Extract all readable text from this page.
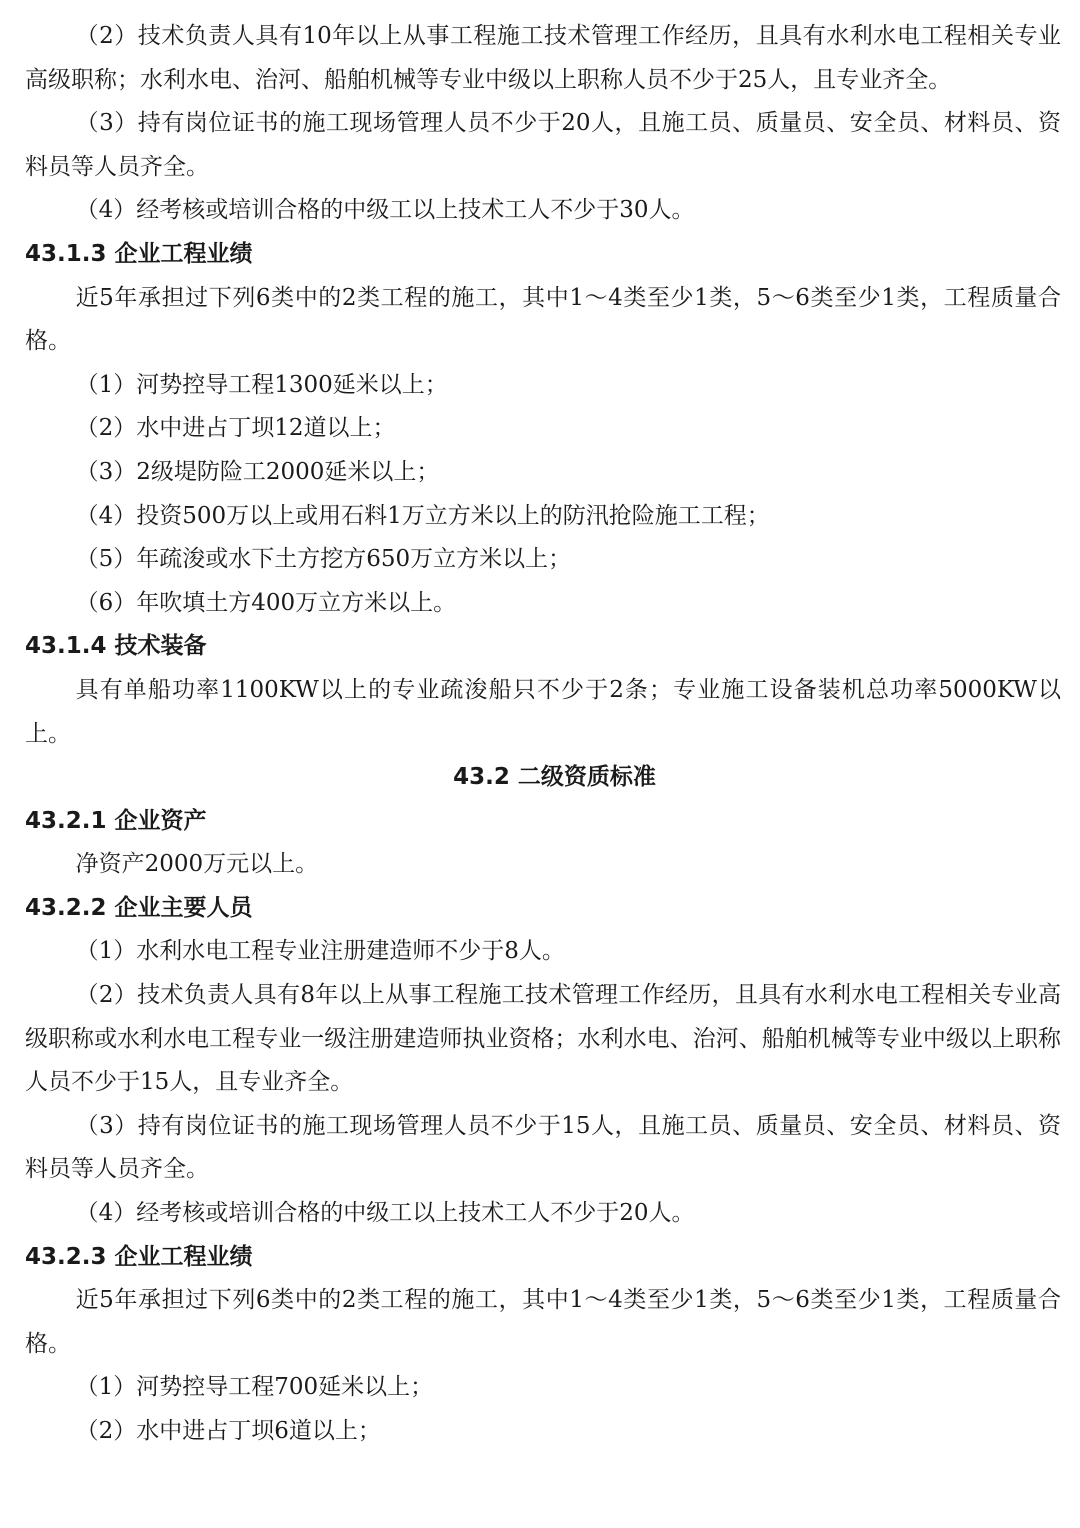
（2）技术负责人具有10年以上从事工程施工技术管理工作经历，且具有水利水电工程相关专业高级职称；水利水电、治河、船舶机械等专业中级以上职称人员不少于25人，且专业齐全。

（3）持有岗位证书的施工现场管理人员不少于20人，且施工员、质量员、安全员、材料员、资料员等人员齐全。

（4）经考核或培训合格的中级工以上技术工人不少于30人。

43.1.3 企业工程业绩

近5年承担过下列6类中的2类工程的施工，其中1～4类至少1类，5～6类至少1类，工程质量合格。

（1）河势控导工程1300延米以上；

（2）水中进占丁坝12道以上；

（3）2级堤防险工2000延米以上；

（4）投资500万以上或用石料1万立方米以上的防汛抢险施工工程；

（5）年疏浚或水下土方挖方650万立方米以上；

（6）年吹填土方400万立方米以上。

43.1.4 技术装备

具有单船功率1100KW以上的专业疏浚船只不少于2条；专业施工设备装机总功率5000KW以上。

43.2 二级资质标准

43.2.1 企业资产

净资产2000万元以上。

43.2.2 企业主要人员

（1）水利水电工程专业注册建造师不少于8人。

（2）技术负责人具有8年以上从事工程施工技术管理工作经历，且具有水利水电工程相关专业高级职称或水利水电工程专业一级注册建造师执业资格；水利水电、治河、船舶机械等专业中级以上职称人员不少于15人，且专业齐全。

（3）持有岗位证书的施工现场管理人员不少于15人，且施工员、质量员、安全员、材料员、资料员等人员齐全。

（4）经考核或培训合格的中级工以上技术工人不少于20人。

43.2.3 企业工程业绩

近5年承担过下列6类中的2类工程的施工，其中1～4类至少1类，5～6类至少1类，工程质量合格。

（1）河势控导工程700延米以上；

（2）水中进占丁坝6道以上；
